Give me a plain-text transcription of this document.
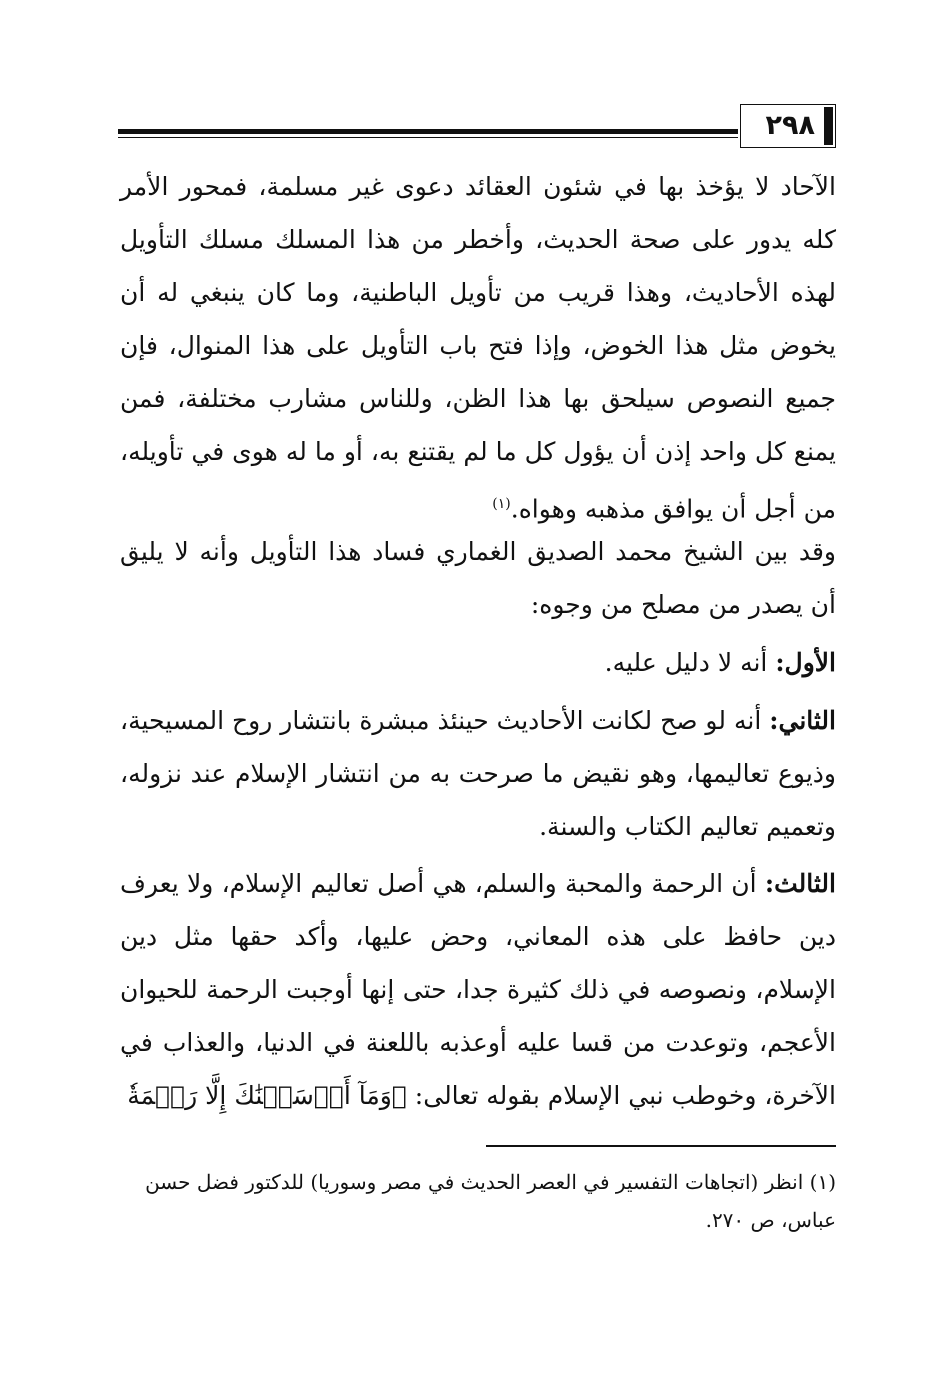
٢٩٨

الآحاد لا يؤخذ بها في شئون العقائد دعوى غير مسلمة، فمحور الأمر كله يدور على صحة الحديث، وأخطر من هذا المسلك مسلك التأويل لهذه الأحاديث، وهذا قريب من تأويل الباطنية، وما كان ينبغي له أن يخوض مثل هذا الخوض، وإذا فتح باب التأويل على هذا المنوال، فإن جميع النصوص سيلحق بها هذا الظن، وللناس مشارب مختلفة، فمن يمنع كل واحد إذن أن يؤول كل ما لم يقتنع به، أو ما له هوى في تأويله، من أجل أن يوافق مذهبه وهواه.$^{(١)}$

وقد بين الشيخ محمد الصديق الغماري فساد هذا التأويل وأنه لا يليق أن يصدر من مصلح من وجوه:

الأول: أنه لا دليل عليه.

الثاني: أنه لو صح لكانت الأحاديث حينئذ مبشرة بانتشار روح المسيحية، وذيوع تعاليمها، وهو نقيض ما صرحت به من انتشار الإسلام عند نزوله، وتعميم تعاليم الكتاب والسنة.

الثالث: أن الرحمة والمحبة والسلم، هي أصل تعاليم الإسلام، ولا يعرف دين حافظ على هذه المعاني، وحض عليها، وأكد حقها مثل دين الإسلام، ونصوصه في ذلك كثيرة جدا، حتى إنها أوجبت الرحمة للحيوان الأعجم، وتوعدت من قسا عليه أوعذبه باللعنة في الدنيا، والعذاب في الآخرة، وخوطب نبي الإسلام بقوله تعالى: ﴿وَمَآ أَرۡسَلۡنَٰكَ إِلَّا رَحۡمَةٗ

(١) انظر (اتجاهات التفسير في العصر الحديث في مصر وسوريا) للدكتور فضل حسن عباس، ص ٢٧٠.
